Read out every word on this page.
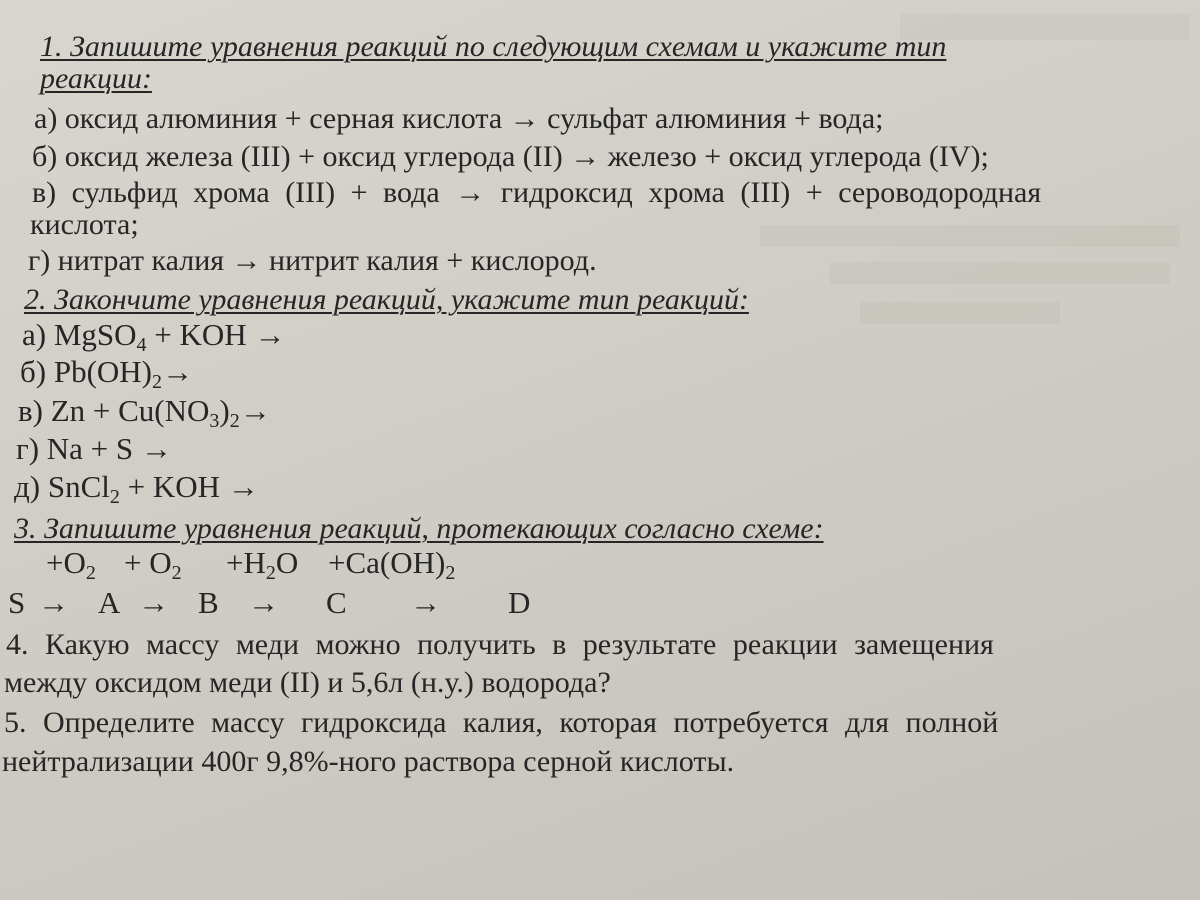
1. Запишите уравнения реакций по следующим схемам и укажите тип
реакции:
а) оксид алюминия + серная кислота → сульфат алюминия + вода;
б) оксид железа (III) + оксид углерода (II) → железо + оксид углерода (IV);
в) сульфид хрома (III) + вода → гидроксид хрома (III) + сероводородная
кислота;
г) нитрат калия → нитрит калия + кислород.
2. Закончите уравнения реакций, укажите тип реакций:
а) MgSO$_4$ + KOH →
б) $Pb(OH)_2\to$
в) $Zn + Cu(NO_3)_2\to$
г) Na + S →
д) SnCl$_2$ + KOH →
3. Запишите уравнения реакций, протекающих согласно схеме:
$+O_2 + O_2 +H_2O +Ca(OH)_2$
S → A → B → C → D
4. Какую массу меди можно получить в результате реакции замещения
между оксидом меди (II) и 5,6л (н.у.) водорода?
5. Определите массу гидроксида калия, которая потребуется для полной
нейтрализации 400г 9,8%-ного раствора серной кислоты.
